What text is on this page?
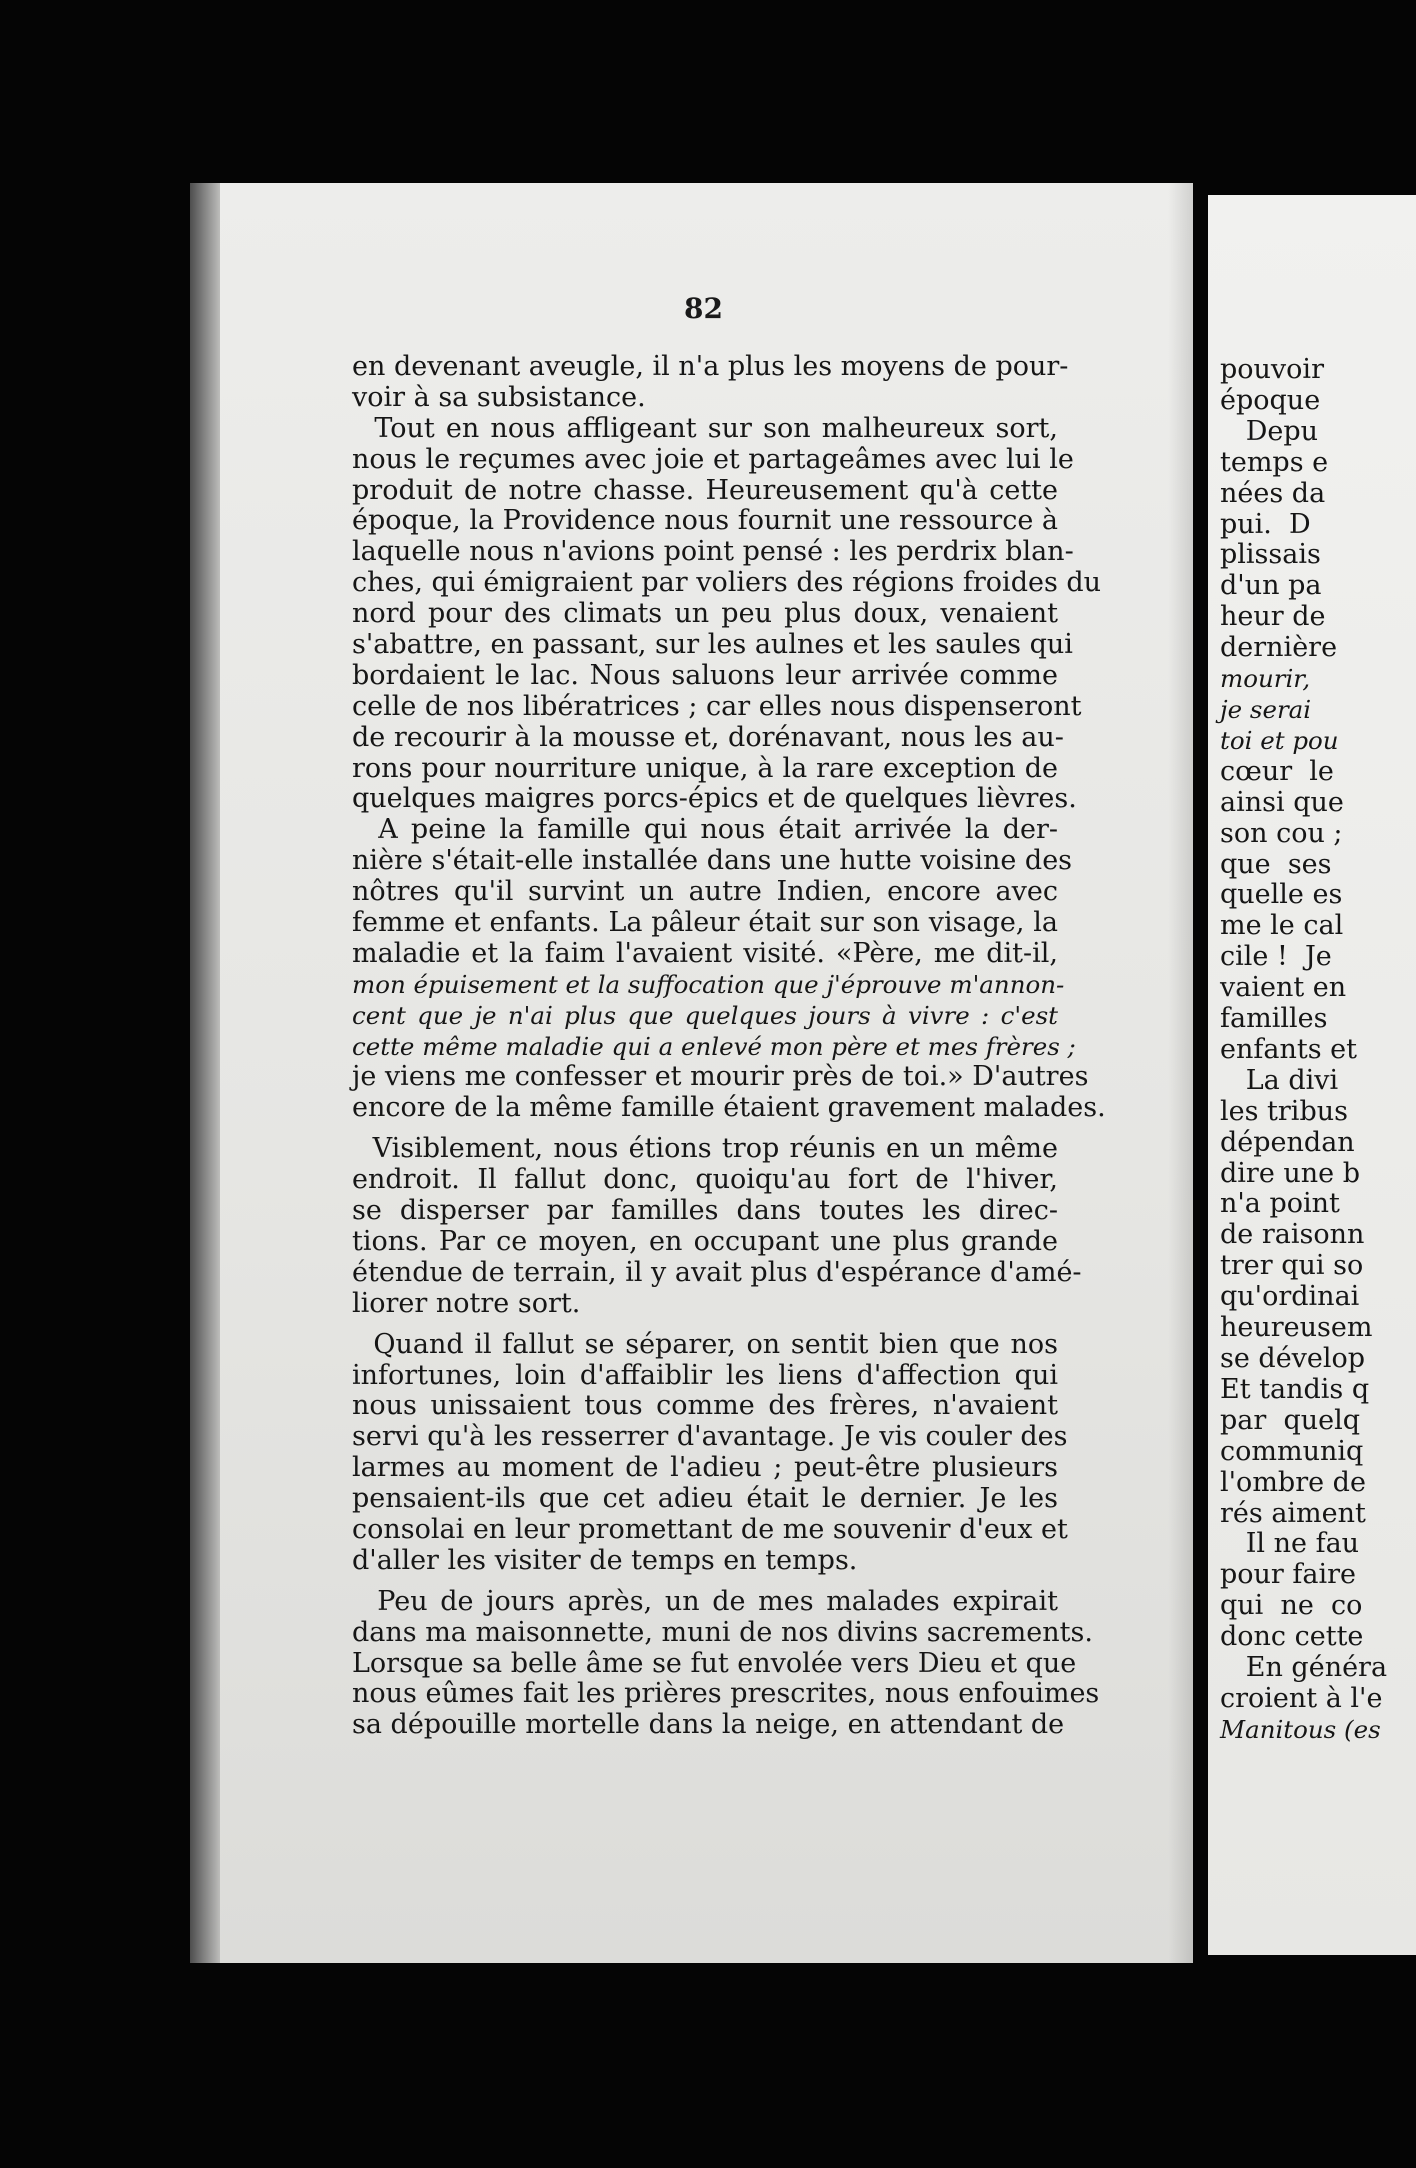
pouvoir
époque
Depu
temps e
nées da
pui.  D
plissais
d'un pa
heur de
dernière
mourir,
je serai
toi et pou
cœur  le
ainsi que
son cou ;
que  ses
quelle es
me le cal
cile !  Je
vaient en
familles
enfants et
La divi
les tribus
dépendan
dire une b
n'a point
de raisonn
trer qui so
qu'ordinai
heureusem
se dévelop
Et tandis q
par  quelq
communiq
l'ombre de
rés aiment
Il ne fau
pour faire
qui  ne  co
donc cette
En généra
croient à l'e
Manitous (es
82
en devenant aveugle, il n'a plus les moyens de pour-
voir à sa subsistance.
Tout en nous affligeant sur son malheureux sort,
nous le reçumes avec joie et partageâmes avec lui le
produit de notre chasse. Heureusement qu'à cette
époque, la Providence nous fournit une ressource à
laquelle nous n'avions point pensé : les perdrix blan-
ches, qui émigraient par voliers des régions froides du
nord pour des climats un peu plus doux, venaient
s'abattre, en passant, sur les aulnes et les saules qui
bordaient le lac. Nous saluons leur arrivée comme
celle de nos libératrices ; car elles nous dispenseront
de recourir à la mousse et, dorénavant, nous les au-
rons pour nourriture unique, à la rare exception de
quelques maigres porcs-épics et de quelques lièvres.
A peine la famille qui nous était arrivée la der-
nière s'était-elle installée dans une hutte voisine des
nôtres qu'il survint un autre Indien, encore avec
femme et enfants. La pâleur était sur son visage, la
maladie et la faim l'avaient visité. «Père, me dit-il,
mon épuisement et la suffocation que j'éprouve m'annon-
cent que je n'ai plus que quelques jours à vivre : c'est
cette même maladie qui a enlevé mon père et mes frères ;
je viens me confesser et mourir près de toi.» D'autres
encore de la même famille étaient gravement malades.
Visiblement, nous étions trop réunis en un même
endroit. Il fallut donc, quoiqu'au fort de l'hiver,
se disperser par familles dans toutes les direc-
tions. Par ce moyen, en occupant une plus grande
étendue de terrain, il y avait plus d'espérance d'amé-
liorer notre sort.
Quand il fallut se séparer, on sentit bien que nos
infortunes, loin d'affaiblir les liens d'affection qui
nous unissaient tous comme des frères, n'avaient
servi qu'à les resserrer d'avantage. Je vis couler des
larmes au moment de l'adieu ; peut-être plusieurs
pensaient-ils que cet adieu était le dernier. Je les
consolai en leur promettant de me souvenir d'eux et
d'aller les visiter de temps en temps.
Peu de jours après, un de mes malades expirait
dans ma maisonnette, muni de nos divins sacrements.
Lorsque sa belle âme se fut envolée vers Dieu et que
nous eûmes fait les prières prescrites, nous enfouimes
sa dépouille mortelle dans la neige, en attendant de
